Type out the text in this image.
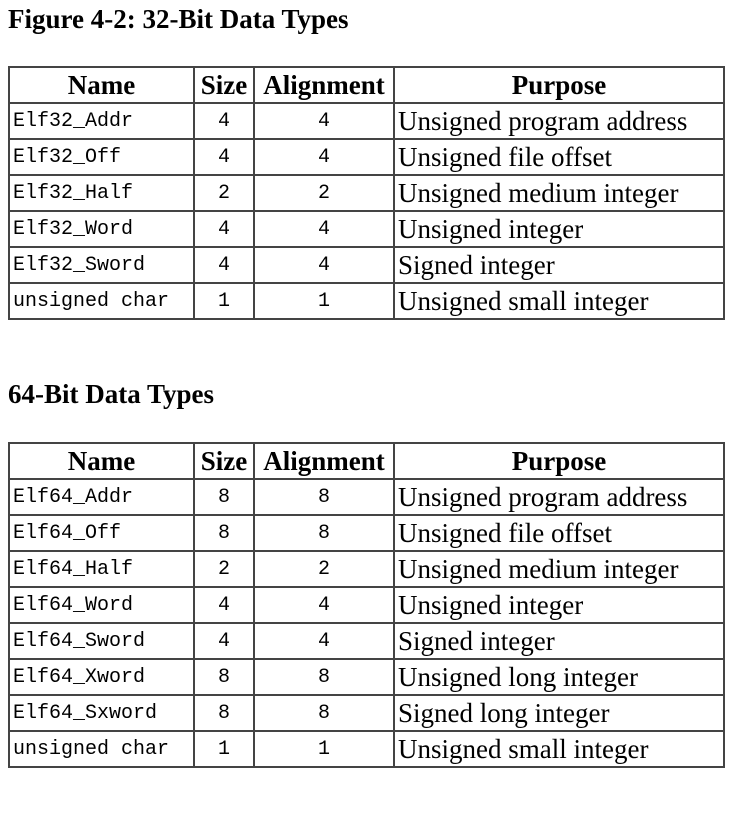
Figure 4-2: 32-Bit Data Types
Name	Size	Alignment	Purpose
Elf32_Addr	4	4	Unsigned program address
Elf32_Off	4	4	Unsigned file offset
Elf32_Half	2	2	Unsigned medium integer
Elf32_Word	4	4	Unsigned integer
Elf32_Sword	4	4	Signed integer
unsigned char	1	1	Unsigned small integer
64-Bit Data Types
Name	Size	Alignment	Purpose
Elf64_Addr	8	8	Unsigned program address
Elf64_Off	8	8	Unsigned file offset
Elf64_Half	2	2	Unsigned medium integer
Elf64_Word	4	4	Unsigned integer
Elf64_Sword	4	4	Signed integer
Elf64_Xword	8	8	Unsigned long integer
Elf64_Sxword	8	8	Signed long integer
unsigned char	1	1	Unsigned small integer
